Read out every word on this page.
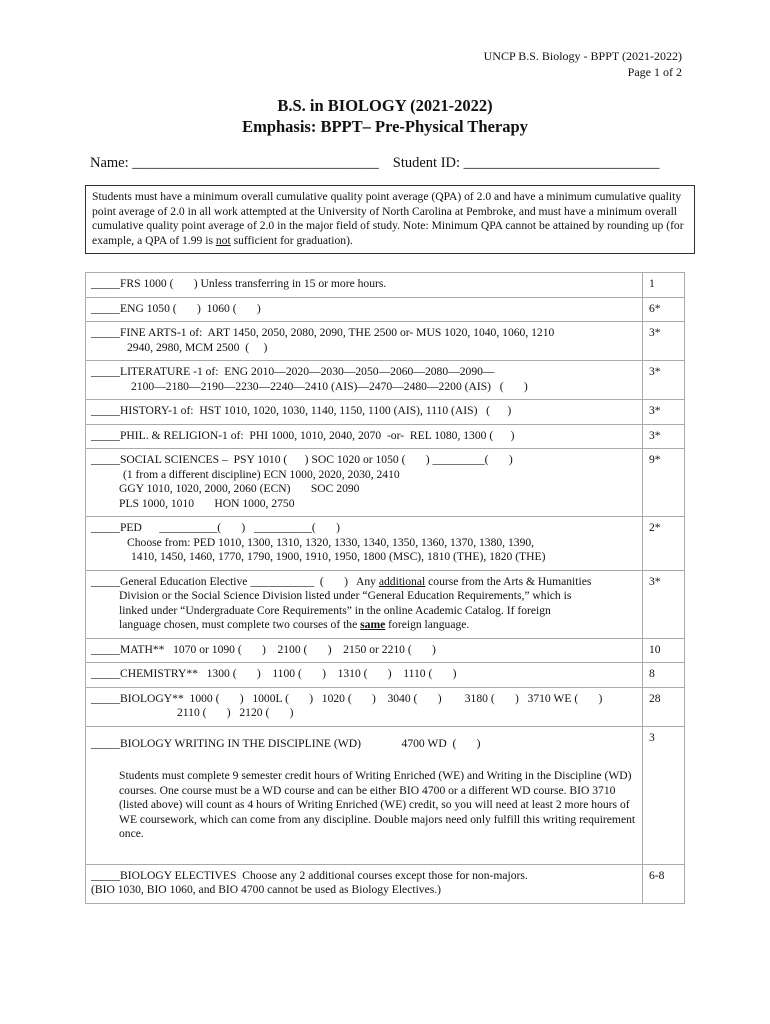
UNCP B.S. Biology - BPPT (2021-2022)
Page 1 of 2
B.S. in BIOLOGY (2021-2022)
Emphasis: BPPT– Pre-Physical Therapy
Name: __________________________________ Student ID: ___________________________
Students must have a minimum overall cumulative quality point average (QPA) of 2.0 and have a minimum cumulative quality point average of 2.0 in all work attempted at the University of North Carolina at Pembroke, and must have a minimum overall cumulative quality point average of 2.0 in the major field of study. Note: Minimum QPA cannot be attained by rounding up (for example, a QPA of 1.99 is not sufficient for graduation).
_____FRS 1000 (       ) Unless transferring in 15 or more hours.	1

_____ENG 1050 (       )  1060 (       )	6*

_____FINE ARTS-1 of:  ART 1450, 2050, 2080, 2090, THE 2500 or- MUS 1020, 1040, 1060, 1210
2940, 2980, MCM 2500  (     )	3*

_____LITERATURE -1 of:  ENG 2010—2020—2030—2050—2060—2080—2090—
2100—2180—2190—2230—2240—2410 (AIS)—2470—2480—2200 (AIS)   (       )	3*

_____HISTORY-1 of:  HST 1010, 1020, 1030, 1140, 1150, 1100 (AIS), 1110 (AIS)   (      )	3*

_____PHIL. & RELIGION-1 of:  PHI 1000, 1010, 2040, 2070  -or-  REL 1080, 1300 (      )	3*

_____SOCIAL SCIENCES –  PSY 1010 (      ) SOC 1020 or 1050 (       ) _________(       )
(1 from a different discipline) ECN 1000, 2020, 2030, 2410
GGY 1010, 1020, 2000, 2060 (ECN)       SOC 2090
PLS 1000, 1010       HON 1000, 2750	9*

_____PED      __________(       )   __________(       )
Choose from: PED 1010, 1300, 1310, 1320, 1330, 1340, 1350, 1360, 1370, 1380, 1390,
1410, 1450, 1460, 1770, 1790, 1900, 1910, 1950, 1800 (MSC), 1810 (THE), 1820 (THE)	2*

_____General Education Elective ___________  (       )   Any additional course from the Arts & Humanities
Division or the Social Science Division listed under “General Education Requirements,” which is
linked under “Undergraduate Core Requirements” in the online Academic Catalog. If foreign
language chosen, must complete two courses of the same foreign language.	3*

_____MATH**   1070 or 1090 (       )    2100 (       )    2150 or 2210 (       )	10

_____CHEMISTRY**   1300 (       )    1100 (       )    1310 (       )    1110 (       )	8

_____BIOLOGY**  1000 (       )   1000L (       )   1020 (       )    3040 (       )        3180 (       )   3710 WE (       )
2110 (       )   2120 (       )	28

_____BIOLOGY WRITING IN THE DISCIPLINE (WD)              4700 WD  (       )
Students must complete 9 semester credit hours of Writing Enriched (WE) and Writing in the Discipline (WD) courses. One course must be a WD course and can be either BIO 4700 or a different WD course. BIO 3710 (listed above) will count as 4 hours of Writing Enriched (WE) credit, so you will need at least 2 more hours of WE coursework, which can come from any discipline. Double majors need only fulfill this writing requirement once.	3

_____BIOLOGY ELECTIVES  Choose any 2 additional courses except those for non-majors.
(BIO 1030, BIO 1060, and BIO 4700 cannot be used as Biology Electives.)	6-8
